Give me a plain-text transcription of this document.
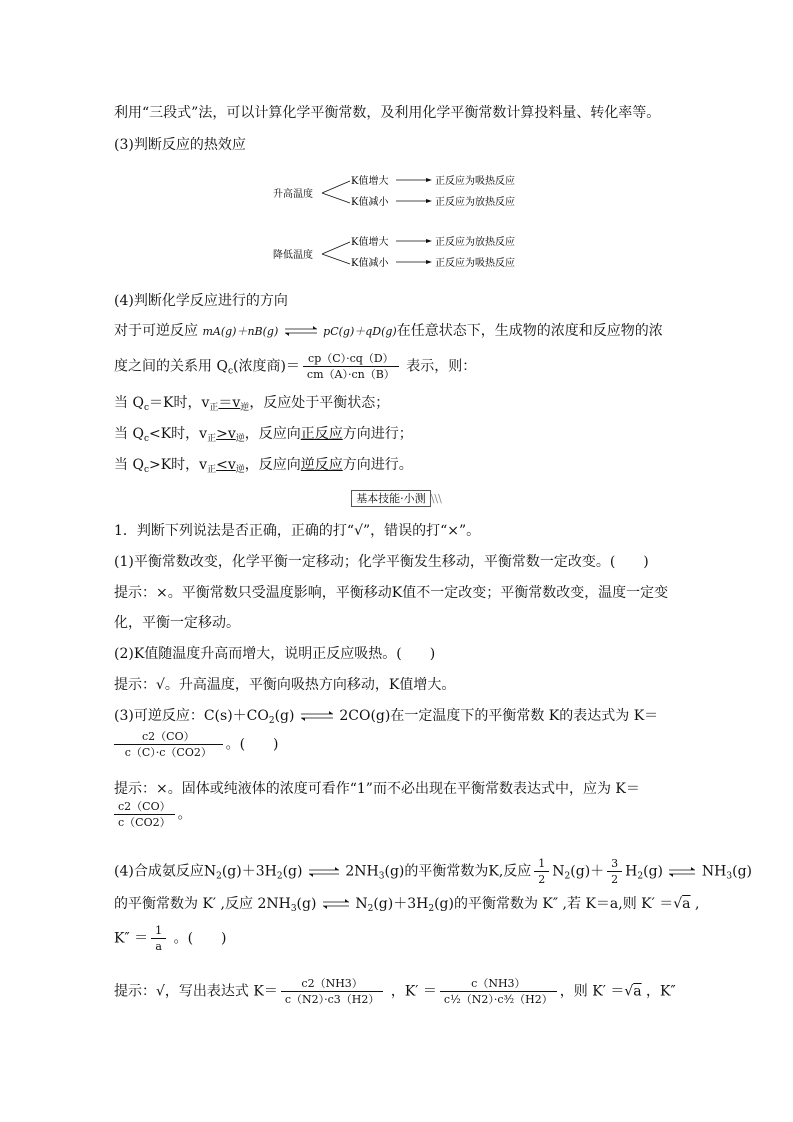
利用“三段式”法，可以计算化学平衡常数，及利用化学平衡常数计算投料量、转化率等。
(3)判断反应的热效应
升高温度
K值增大
K值减小
正反应为吸热反应
正反应为放热反应
降低温度
K值增大
K值减小
正反应为放热反应
正反应为吸热反应
(4)判断化学反应进行的方向
对于可逆反应 mA(g)＋nB(g) ⇌ pC(g)＋qD(g)在任意状态下，生成物的浓度和反应物的浓
度之间的关系用 $Q_c$(浓度商)＝ $\frac{cp(C)\cdot cq(D)}{cm(A)\cdot cn(B)}$ 表示，则：
当 $Q_c=K$时，$v_正=v_逆$，反应处于平衡状态；
当 $Q_c<K$时，$v_正>v_逆$，反应向正反应方向进行；
当 $Q_c>K$时，$v_正<v_逆$，反应向逆反应方向进行。
基本技能·小测 \\\
1．判断下列说法是否正确，正确的打“√”，错误的打“×”。
(1)平衡常数改变，化学平衡一定移动；化学平衡发生移动，平衡常数一定改变。(　　)
提示：×。平衡常数只受温度影响，平衡移动K值不一定改变；平衡常数改变，温度一定变
化，平衡一定移动。
(2)K值随温度升高而增大，说明正反应吸热。(　　)
提示：√。升高温度，平衡向吸热方向移动，K值增大。
(3)可逆反应：$C(s)+CO_2(g)$ ⇌ 2CO(g)在一定温度下的平衡常数 K的表达式为 K＝
$\frac{c2(CO)}{c(C)\cdot c(CO2)}$ 。(　　)
提示：×。固体或纯液体的浓度可看作“1”而不必出现在平衡常数表达式中，应为 K＝
$\frac{c2(CO)}{c(CO2)}$ 。
(4)合成氨反应$N_2(g)+3H_2(g)$ ⇌ $2NH_3(g)$的平衡常数为K,反应 $\frac{1}{2} N_2(g)+ \frac{3}{2} H_2(g)$ ⇌ $NH_3(g)$
的平衡常数为 K′ ,反应 $2NH_3(g)$ ⇌ $N_2(g)+3H_2(g)$的平衡常数为 K″ ,若 K＝a,则 K′ ＝√a ,
$K'' = \frac{1}{a}$ 。(　　)
提示：√，写出表达式 $K= \frac{c2(NH3)}{c(N2)\cdot c3(H2)}$ ，$K' = \frac{c(NH3)}{\text{c½（N2）·c³⁄₂（H2）}}$ ，则 K′ ＝√a ，K″
